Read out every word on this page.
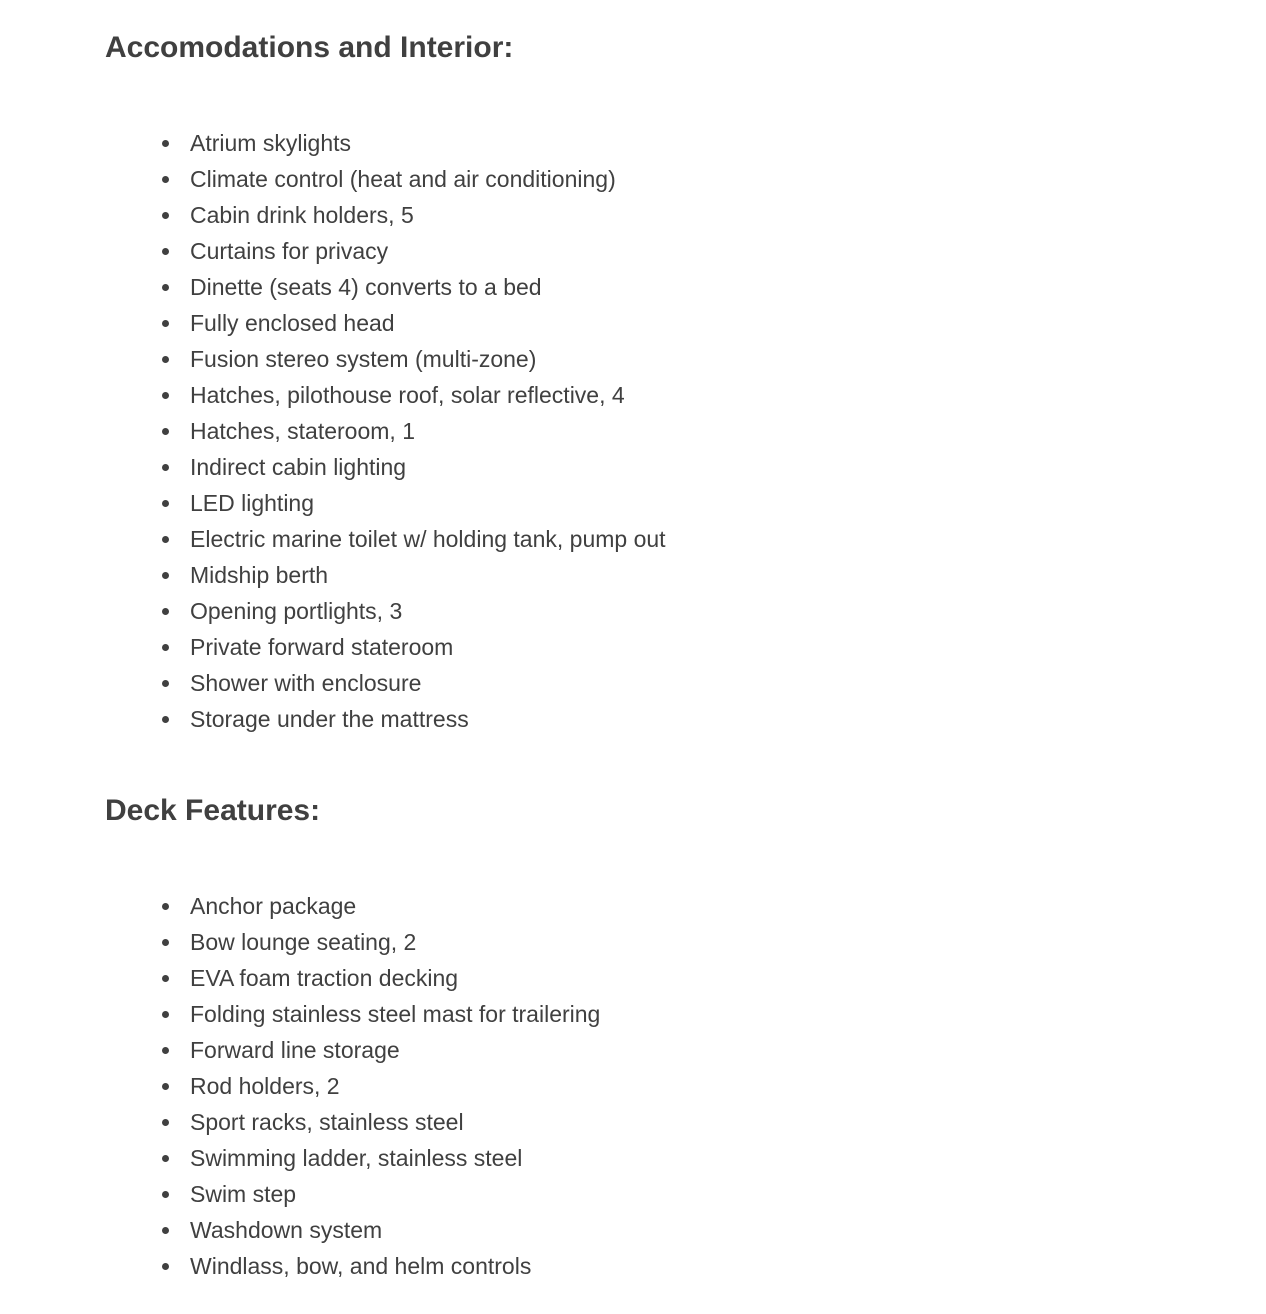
Accomodations and Interior:
Atrium skylights
Climate control (heat and air conditioning)
Cabin drink holders, 5
Curtains for privacy
Dinette (seats 4) converts to a bed
Fully enclosed head
Fusion stereo system (multi-zone)
Hatches, pilothouse roof, solar reflective, 4
Hatches, stateroom, 1
Indirect cabin lighting
LED lighting
Electric marine toilet w/ holding tank, pump out
Midship berth
Opening portlights, 3
Private forward stateroom
Shower with enclosure
Storage under the mattress
Deck Features:
Anchor package
Bow lounge seating, 2
EVA foam traction decking
Folding stainless steel mast for trailering
Forward line storage
Rod holders, 2
Sport racks, stainless steel
Swimming ladder, stainless steel
Swim step
Washdown system
Windlass, bow, and helm controls
